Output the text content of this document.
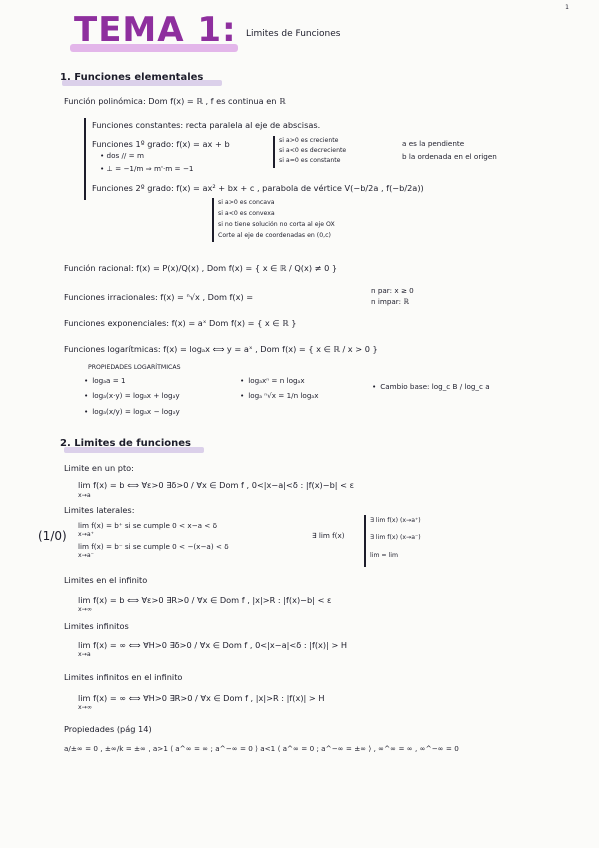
1
TEMA 1: Limites de Funciones
1. Funciones elementales
Función polinómica: Dom f(x) = ℝ , f es continua en ℝ
Funciones constantes: recta paralela al eje de abscisas.
Funciones 1º grado: f(x) = ax + b	si a>0 es creciente
si a<0 es decreciente
si a=0 es constante
a es la pendiente
b la ordenada en el origen
• dos // = m
• ⊥ = −1/m ⇒ m'·m = −1
Funciones 2º grado: f(x) = ax² + bx + c , parabola de vértice V(−b/2a , f(−b/2a))
si a>0 es concava
si a<0 es convexa
si no tiene solución no corta al eje OX
Corte al eje de coordenadas en (0,c)
Función racional: f(x) = P(x)/Q(x) , Dom f(x) = { x ∈ ℝ / Q(x) ≠ 0 }
Funciones irracionales: f(x) = ⁿ√x , Dom f(x) =
n par: x ≥ 0
n impar: ℝ
Funciones exponenciales: f(x) = aˣ Dom f(x) = { x ∈ ℝ }
Funciones logarítmicas: f(x) = logₐx ⟺ y = aˣ , Dom f(x) = { x ∈ ℝ / x > 0 }
PROPIEDADES LOGARÍTMICAS
• logₐa = 1
• logₐ(x·y) = logₐx + logₐy
• logₐ(x/y) = logₐx − logₐy
• logₐxⁿ = n logₐx
• logₐ ⁿ√x = 1/n logₐx
• Cambio base: log_c B / log_c a
2. Limites de funciones
Limite en un pto:
lim f(x) = b ⟺ ∀ε>0 ∃δ>0 / ∀x ∈ Dom f , 0<|x−a|<δ : |f(x)−b| < ε
x→a
Limites laterales:
(1/0)
lim f(x) = b⁺ si se cumple 0 < x−a < δ
x→a⁺
lim f(x) = b⁻ si se cumple 0 < −(x−a) < δ
x→a⁻
∃ lim f(x)
∃ lim f(x) (x→a⁺)
∃ lim f(x) (x→a⁻)
lim = lim
Limites en el infinito
lim f(x) = b ⟺ ∀ε>0 ∃R>0 / ∀x ∈ Dom f , |x|>R : |f(x)−b| < ε
x→∞
Limites infinitos
lim f(x) = ∞ ⟺ ∀H>0 ∃δ>0 / ∀x ∈ Dom f , 0<|x−a|<δ : |f(x)| > H
x→a
Limites infinitos en el infinito
lim f(x) = ∞ ⟺ ∀H>0 ∃R>0 / ∀x ∈ Dom f , |x|>R : |f(x)| > H
x→∞
Propiedades (pág 14)
a/±∞ = 0 , ±∞/k = ±∞ , a>1 ⟨ a^∞ = ∞ ; a^−∞ = 0 ⟩ a<1 ⟨ a^∞ = 0 ; a^−∞ = ±∞ ⟩ , ∞^∞ = ∞ , ∞^−∞ = 0
